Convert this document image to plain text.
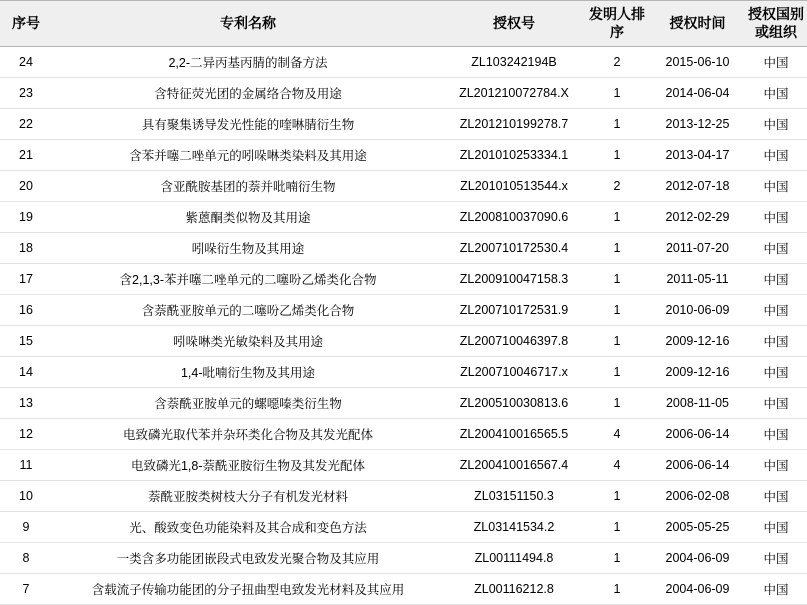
序号	专利名称	授权号	发明人排序	授权时间	授权国别或组织
24	2,2-二异丙基丙腈的制备方法	ZL103242194B	2	2015-06-10	中国
23	含特征荧光团的金属络合物及用途	ZL201210072784.X	1	2014-06-04	中国
22	具有聚集诱导发光性能的喹啉腈衍生物	ZL201210199278.7	1	2013-12-25	中国
21	含苯并噻二唑单元的吲哚啉类染料及其用途	ZL201010253334.1	1	2013-04-17	中国
20	含亚酰胺基团的萘并吡喃衍生物	ZL201010513544.x	2	2012-07-18	中国
19	紫蒽酮类似物及其用途	ZL200810037090.6	1	2012-02-29	中国
18	吲哚衍生物及其用途	ZL200710172530.4	1	2011-07-20	中国
17	含2,1,3-苯并噻二唑单元的二噻吩乙烯类化合物	ZL200910047158.3	1	2011-05-11	中国
16	含萘酰亚胺单元的二噻吩乙烯类化合物	ZL200710172531.9	1	2010-06-09	中国
15	吲哚啉类光敏染料及其用途	ZL200710046397.8	1	2009-12-16	中国
14	1,4-吡喃衍生物及其用途	ZL200710046717.x	1	2009-12-16	中国
13	含萘酰亚胺单元的螺噁嗪类衍生物	ZL200510030813.6	1	2008-11-05	中国
12	电致磷光取代苯并杂环类化合物及其发光配体	ZL200410016565.5	4	2006-06-14	中国
11	电致磷光1,8-萘酰亚胺衍生物及其发光配体	ZL200410016567.4	4	2006-06-14	中国
10	萘酰亚胺类树枝大分子有机发光材料	ZL03151150.3	1	2006-02-08	中国
9	光、酸致变色功能染料及其合成和变色方法	ZL03141534.2	1	2005-05-25	中国
8	一类含多功能团嵌段式电致发光聚合物及其应用	ZL00111494.8	1	2004-06-09	中国
7	含载流子传输功能团的分子扭曲型电致发光材料及其应用	ZL00116212.8	1	2004-06-09	中国
